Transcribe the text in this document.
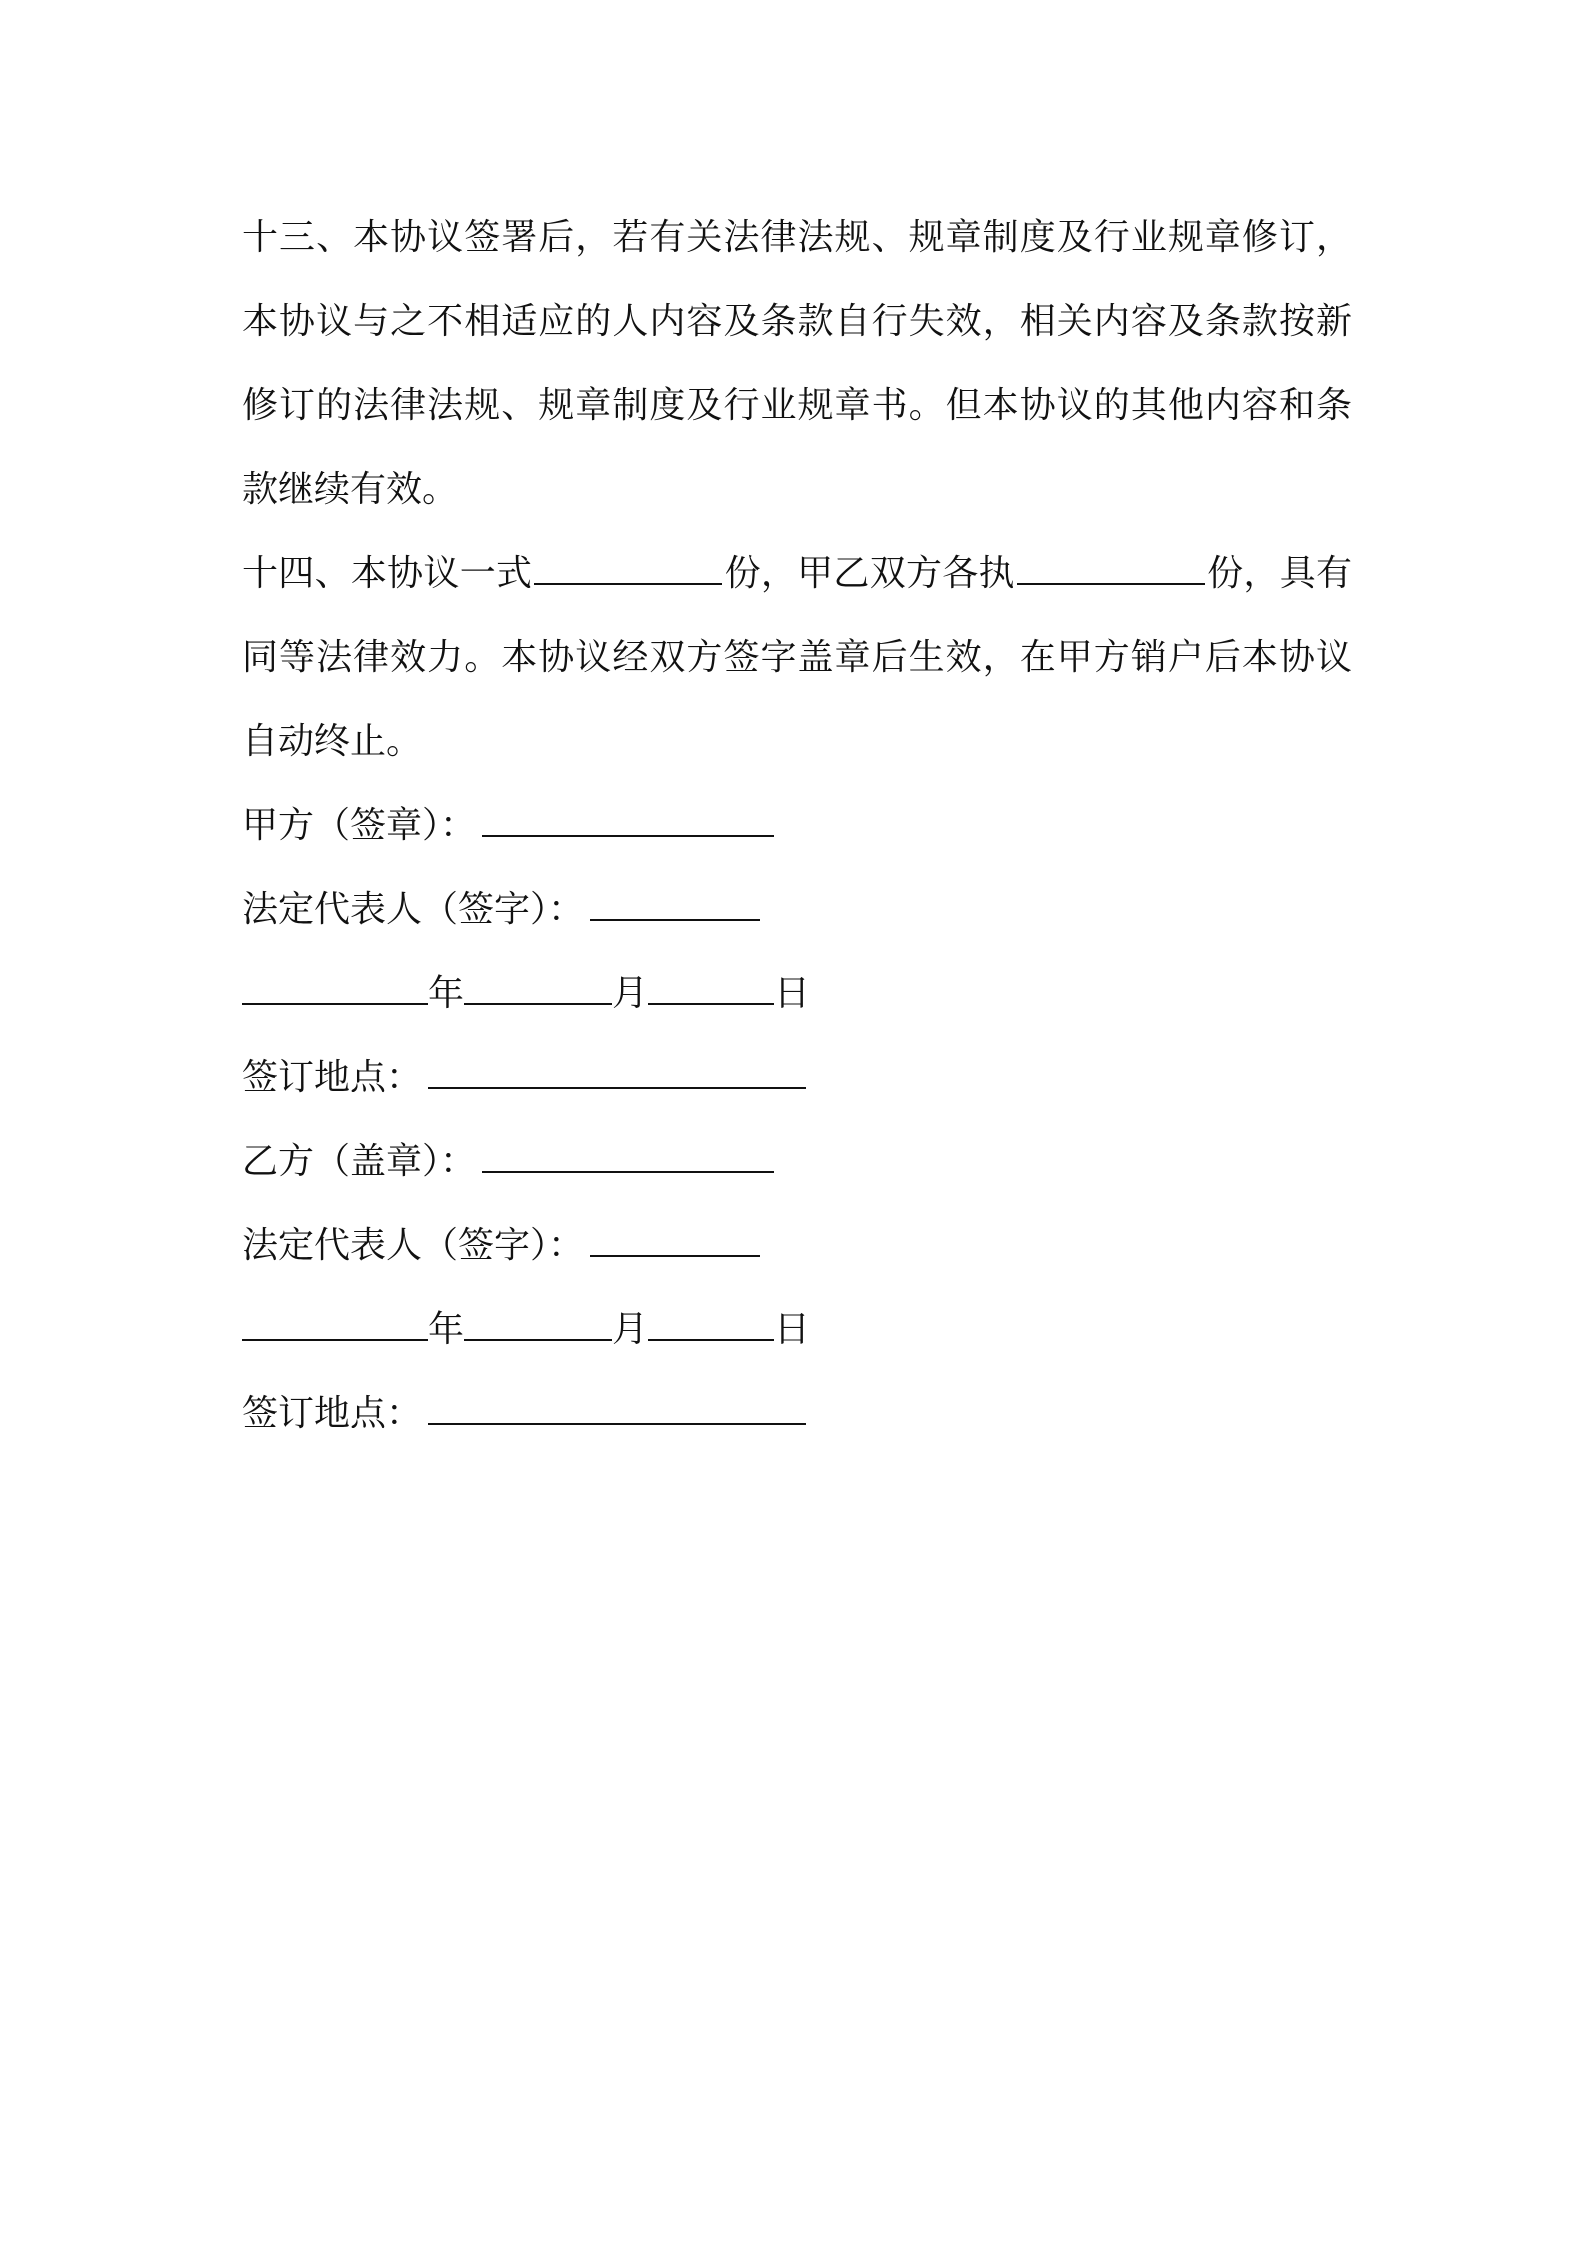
十三、本协议签署后，若有关法律法规、规章制度及行业规章修订，本协议与之不相适应的人内容及条款自行失效，相关内容及条款按新修订的法律法规、规章制度及行业规章书。但本协议的其他内容和条款继续有效。

十四、本协议一式	份，甲乙双方各执	份，具有同等法律效力。本协议经双方签字盖章后生效，在甲方销户后本协议自动终止。

甲方（签章）：

法定代表人（签字）：

年	月	日

签订地点：

乙方（盖章）：

法定代表人（签字）：

年	月	日

签订地点：
